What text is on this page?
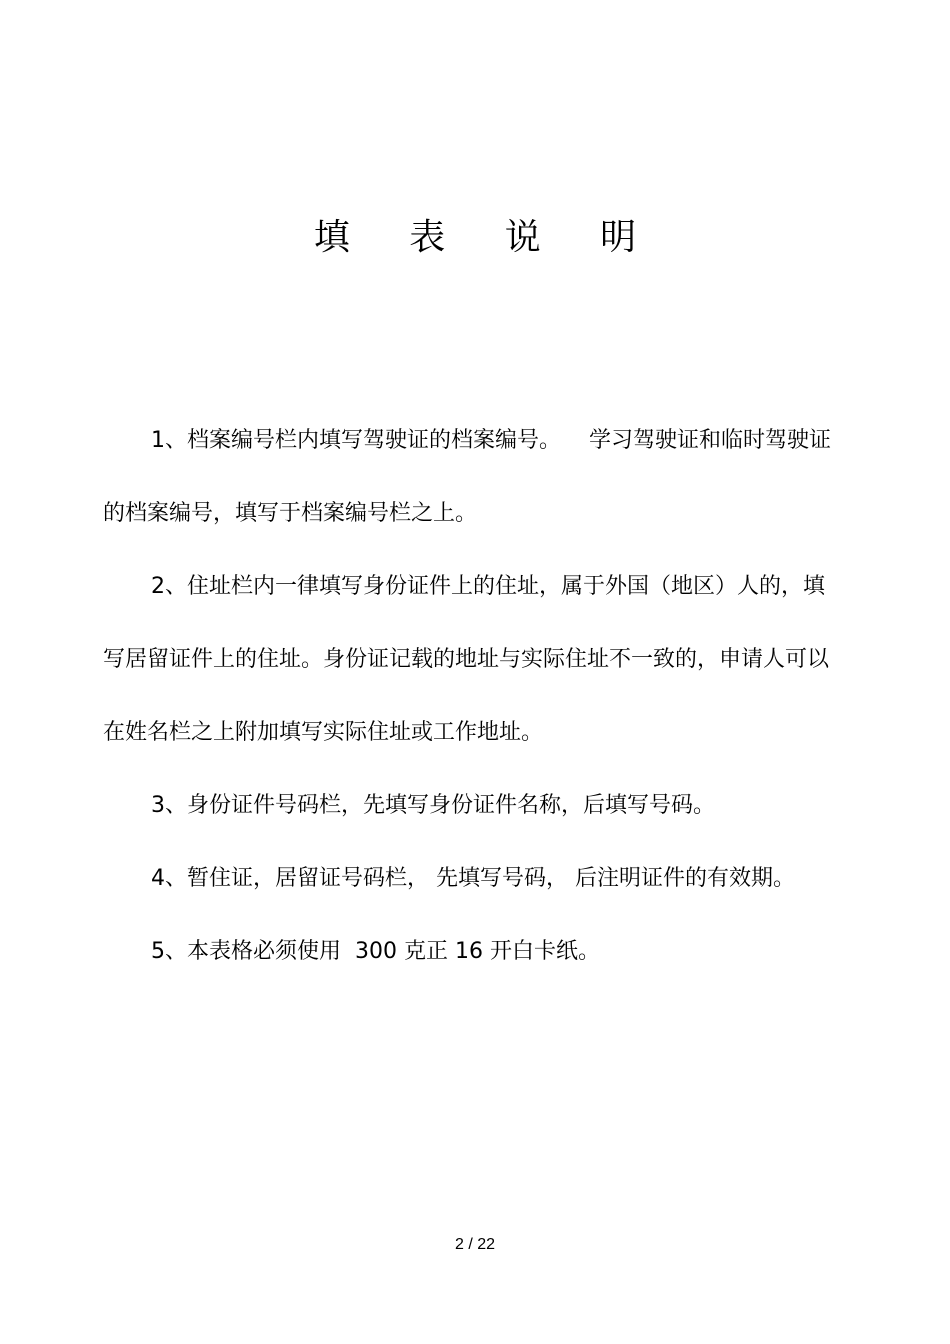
填 表 说 明

1、档案编号栏内填写驾驶证的档案编号。    学习驾驶证和临时驾驶证的档案编号，填写于档案编号栏之上。

2、住址栏内一律填写身份证件上的住址，属于外国（地区）人的，填写居留证件上的住址。身份证记载的地址与实际住址不一致的，申请人可以在姓名栏之上附加填写实际住址或工作地址。

3、身份证件号码栏，先填写身份证件名称，后填写号码。

4、暂住证，居留证号码栏， 先填写号码， 后注明证件的有效期。

5、本表格必须使用  300 克正 16 开白卡纸。

2 / 22
